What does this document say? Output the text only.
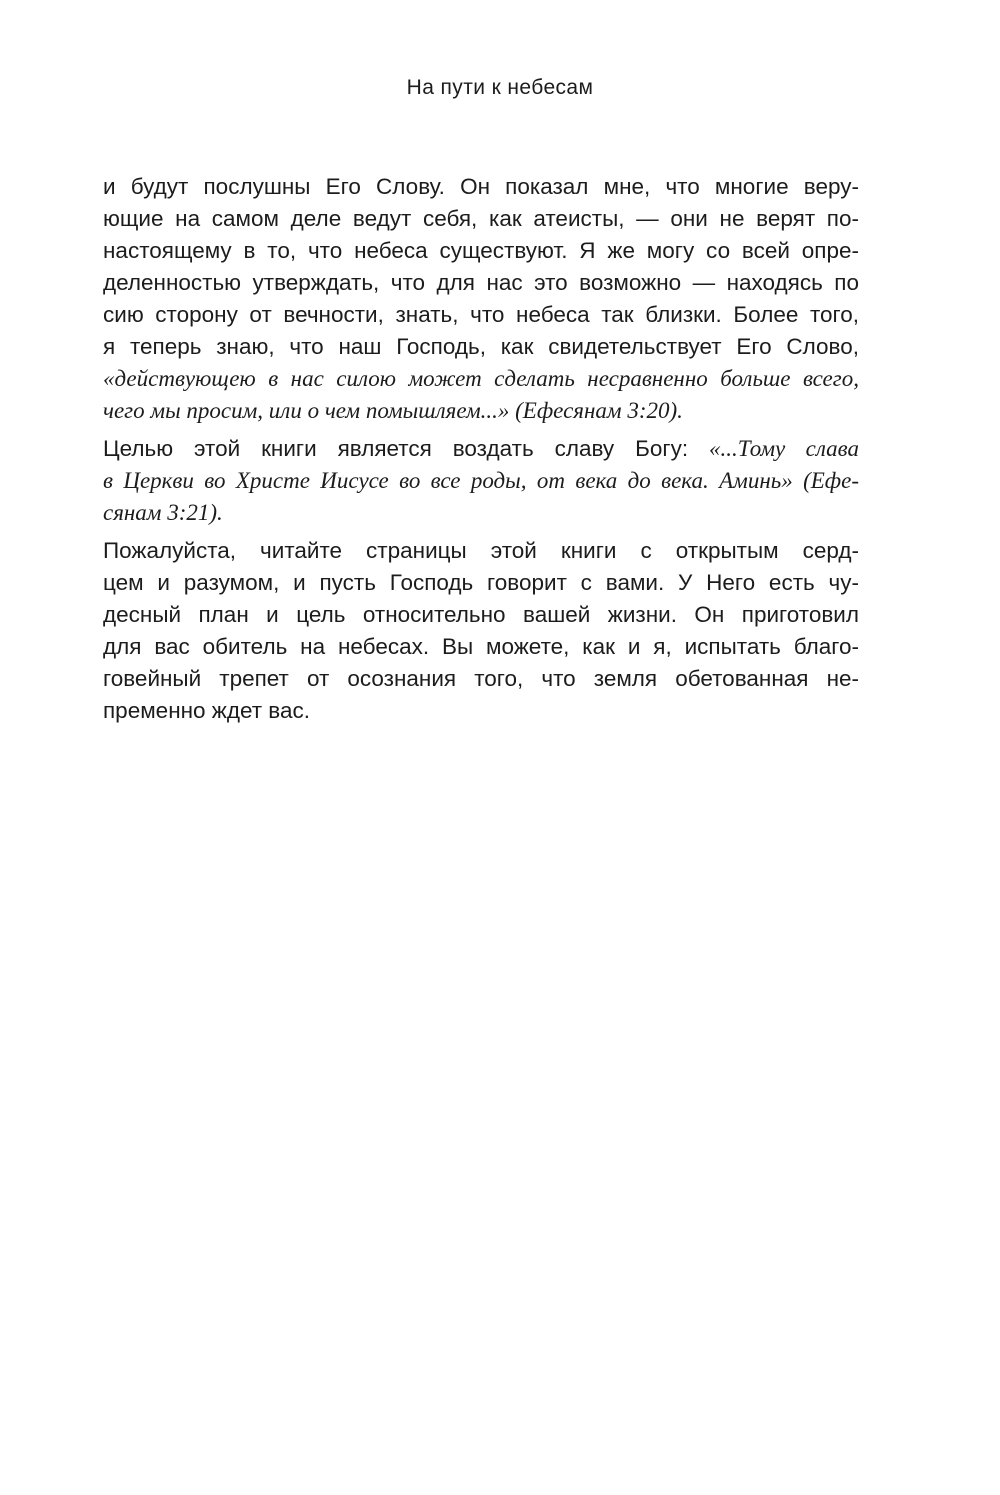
На пути к небесам
и будут послушны Его Слову. Он показал мне, что многие веру-
ющие на самом деле ведут себя, как атеисты, — они не верят по-
настоящему в то, что небеса существуют. Я же могу со всей опре-
деленностью утверждать, что для нас это возможно — находясь по
сию сторону от вечности, знать, что небеса так близки. Более того,
я теперь знаю, что наш Господь, как свидетельствует Его Слово,
«действующею в нас силою может сделать несравненно больше всего,
чего мы просим, или о чем помышляем...» (Ефесянам 3:20).
Целью этой книги является воздать славу Богу: «...Тому слава
в Церкви во Христе Иисусе во все роды, от века до века. Аминь» (Ефе-
сянам 3:21).
Пожалуйста, читайте страницы этой книги с открытым серд-
цем и разумом, и пусть Господь говорит с вами. У Него есть чу-
десный план и цель относительно вашей жизни. Он приготовил
для вас обитель на небесах. Вы можете, как и я, испытать благо-
говейный трепет от осознания того, что земля обетованная не-
пременно ждет вас.
